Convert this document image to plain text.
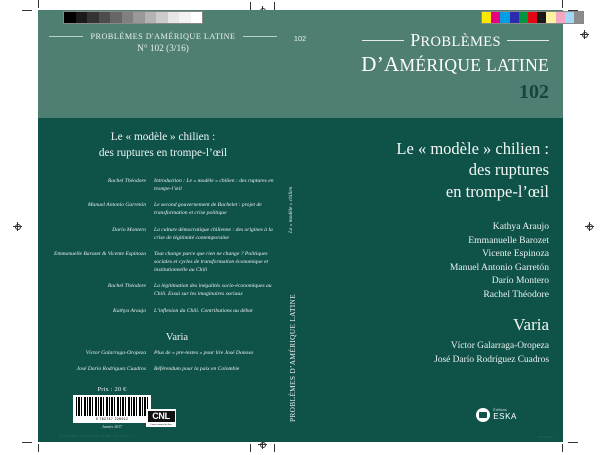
PROBLÈMES D'AMÉRIQUE LATINE
N° 102 (3/16)
Le « modèle » chilien :
des ruptures en trompe-l’œil
Rachel Théodore	Introduction : Le « modèle » chilien : des ruptures en trompe-l’œil
Manuel Antonio Garretón	Le second gouvernement de Bachelet : projet de transformation et crise politique
Darío Montero	La culture démocratique chilienne : des origines à la crise de légitimité contemporaine
Emmanuelle Barozet & Vicente Espinoza	Tout change parce que rien ne change ? Politiques sociales et cycles de transformation économique et institutionnelle au Chili
Rachel Théodore	La légitimation des inégalités socio-économiques au Chili. Essai sur les imaginaires sociaux
Kathya Araujo	L’inflexion du Chili. Contributions au débat
Varia
Víctor Galarraga-Oropeza	Plus de « pre-textes » pour lire José Donoso
José Darío Rodríguez Cuadros	Référendum pour la paix en Colombie
Prix : 20 €
9 782747 226912
Janvier 2017
CNL
Centre national du livre
Problèmes d'Amérique latine 102.indd 1-3
102
Le « modèle » chilien
PROBLÈMES D’AMÉRIQUE LATINE
PROBLÈMES
D’AMÉRIQUE LATINE
102
Le « modèle » chilien :
des ruptures
en trompe-l’œil
Kathya Araujo
Emmanuelle Barozet
Vicente Espinoza
Manuel Antonio Garretón
Darío Montero
Rachel Théodore
Varia
Víctor Galarraga-Oropeza
José Darío Rodríguez Cuadros
Éditions
ESKA
07/02/2017
